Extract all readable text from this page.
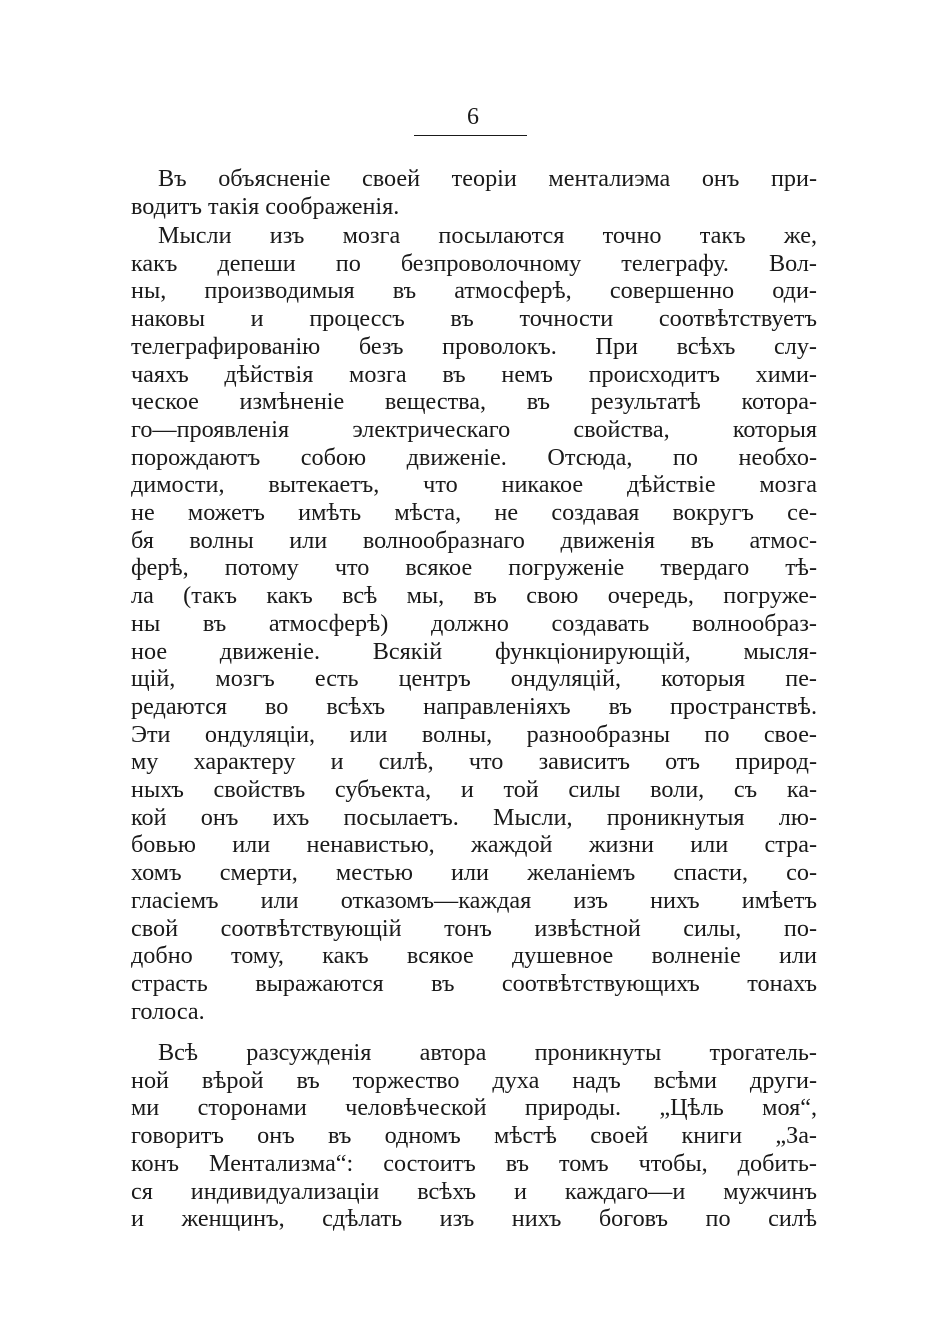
6
Въ объясненіе своей теоріи менталиэма онъ при-
водитъ такія соображенія.
Мысли изъ мозга посылаются точно такъ же,
какъ депеши по безпроволочному телеграфу. Вол-
ны, производимыя въ атмосферѣ, совершенно оди-
наковы и процессъ въ точности соотвѣтствуетъ
телеграфированію безъ проволокъ. При всѣхъ слу-
чаяхъ дѣйствія мозга въ немъ происходитъ хими-
ческое измѣненіе вещества, въ результатѣ котора-
го—проявленія электрическаго свойства, которыя
порождаютъ собою движеніе. Отсюда, по необхо-
димости, вытекаетъ, что никакое дѣйствіе мозга
не можетъ имѣть мѣста, не создавая вокругъ се-
бя волны или волнообразнаго движенія въ атмос-
ферѣ, потому что всякое погруженіе твердаго тѣ-
ла (такъ какъ всѣ мы, въ свою очередь, погруже-
ны въ атмосферѣ) должно создавать волнообраз-
ное движеніе. Всякій функціонирующій, мысля-
щій, мозгъ есть центръ ондуляцій, которыя пе-
редаются во всѣхъ направленіяхъ въ пространствѣ.
Эти ондуляціи, или волны, разнообразны по свое-
му характеру и силѣ, что зависитъ отъ природ-
ныхъ свойствъ субъекта, и той силы воли, съ ка-
кой онъ ихъ посылаетъ. Мысли, проникнутыя лю-
бовью или ненавистью, жаждой жизни или стра-
хомъ смерти, местью или желаніемъ спасти, со-
гласіемъ или отказомъ—каждая изъ нихъ имѣетъ
свой соотвѣтствующій тонъ извѣстной силы, по-
добно тому, какъ всякое душевное волненіе или
страсть выражаются въ соотвѣтствующихъ тонахъ
голоса.
Всѣ разсужденія автора проникнуты трогатель-
ной вѣрой въ торжество духа надъ всѣми други-
ми сторонами человѣческой природы. „Цѣль моя“,
говоритъ онъ въ одномъ мѣстѣ своей книги „За-
конъ Ментализма“: состоитъ въ томъ чтобы, добить-
ся индивидуализаціи всѣхъ и каждаго—и мужчинъ
и женщинъ, сдѣлать изъ нихъ боговъ по силѣ
